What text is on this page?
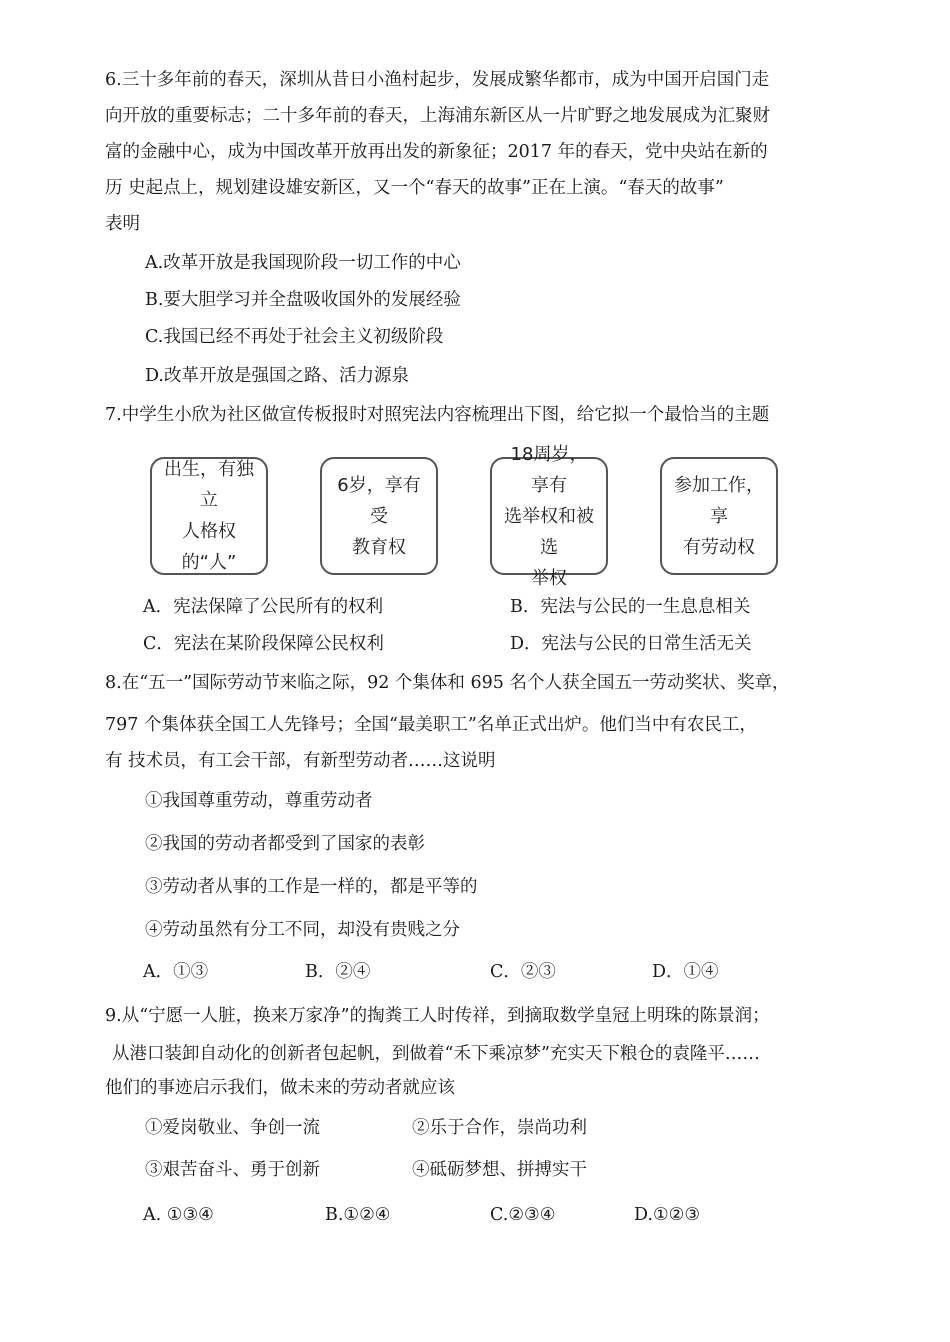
6.三十多年前的春天，深圳从昔日小渔村起步，发展成繁华都市，成为中国开启国门走
向开放的重要标志；二十多年前的春天，上海浦东新区从一片旷野之地发展成为汇聚财
富的金融中心，成为中国改革开放再出发的新象征；2017 年的春天，党中央站在新的
历 史起点上，规划建设雄安新区，又一个“春天的故事”正在上演。“春天的故事”
表明
A.改革开放是我国现阶段一切工作的中心
B.要大胆学习并全盘吸收国外的发展经验
C.我国已经不再处于社会主义初级阶段
D.改革开放是强国之路、活力源泉
7.中学生小欣为社区做宣传板报时对照宪法内容梳理出下图，给它拟一个最恰当的主题
出生，有独立
人格权的“人”
6岁，享有受
教育权
18周岁，享有
选举权和被选
举权
参加工作，享
有劳动权
A．宪法保障了公民所有的权利	B．宪法与公民的一生息息相关
C．宪法在某阶段保障公民权利	D．宪法与公民的日常生活无关
8.在“五一”国际劳动节来临之际，92 个集体和 695 名个人获全国五一劳动奖状、奖章，
797 个集体获全国工人先锋号；全国“最美职工”名单正式出炉。他们当中有农民工，
有 技术员，有工会干部，有新型劳动者……这说明
①我国尊重劳动，尊重劳动者
②我国的劳动者都受到了国家的表彰
③劳动者从事的工作是一样的，都是平等的
④劳动虽然有分工不同，却没有贵贱之分
A．①③	B．②④	C．②③	D．①④
9.从“宁愿一人脏，换来万家净”的掏粪工人时传祥，到摘取数学皇冠上明珠的陈景润；
从港口装卸自动化的创新者包起帆，到做着“禾下乘凉梦”充实天下粮仓的袁隆平……
他们的事迹启示我们，做未来的劳动者就应该
①爱岗敬业、争创一流	②乐于合作，崇尚功利
③艰苦奋斗、勇于创新	④砥砺梦想、拼搏实干
A. ①③④	B.①②④	C.②③④	D.①②③
